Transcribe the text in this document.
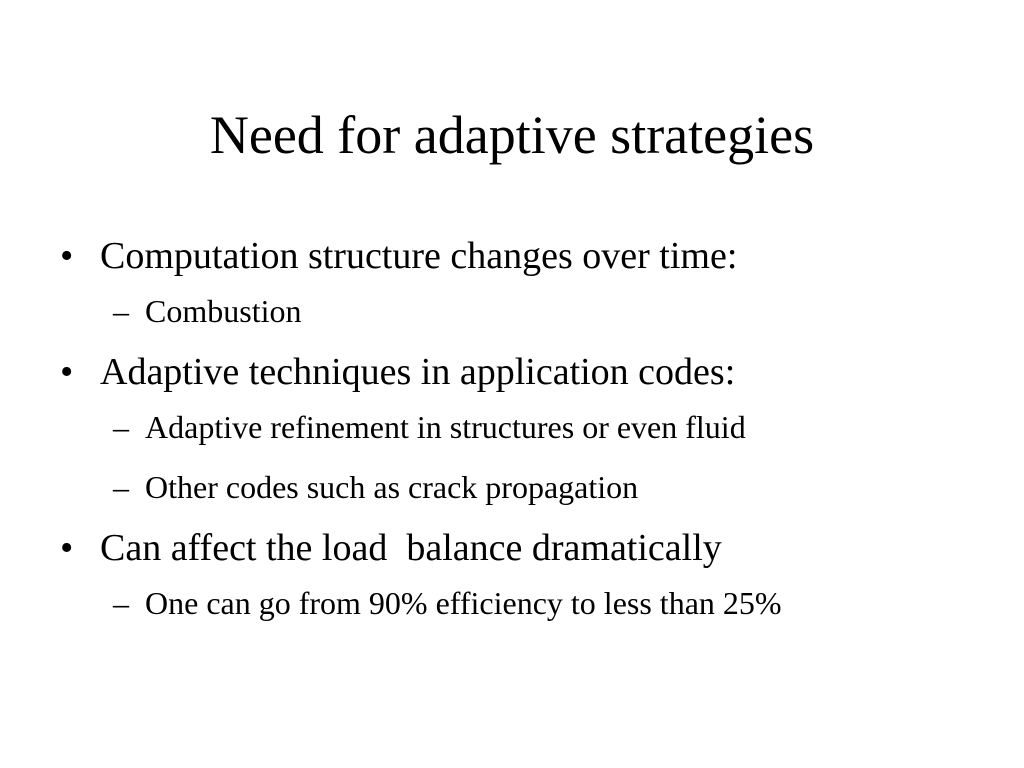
Need for adaptive strategies
• Computation structure changes over time:
– Combustion
• Adaptive techniques in application codes:
– Adaptive refinement in structures or even fluid
– Other codes such as crack propagation
• Can affect the load  balance dramatically
– One can go from 90% efficiency to less than 25%
